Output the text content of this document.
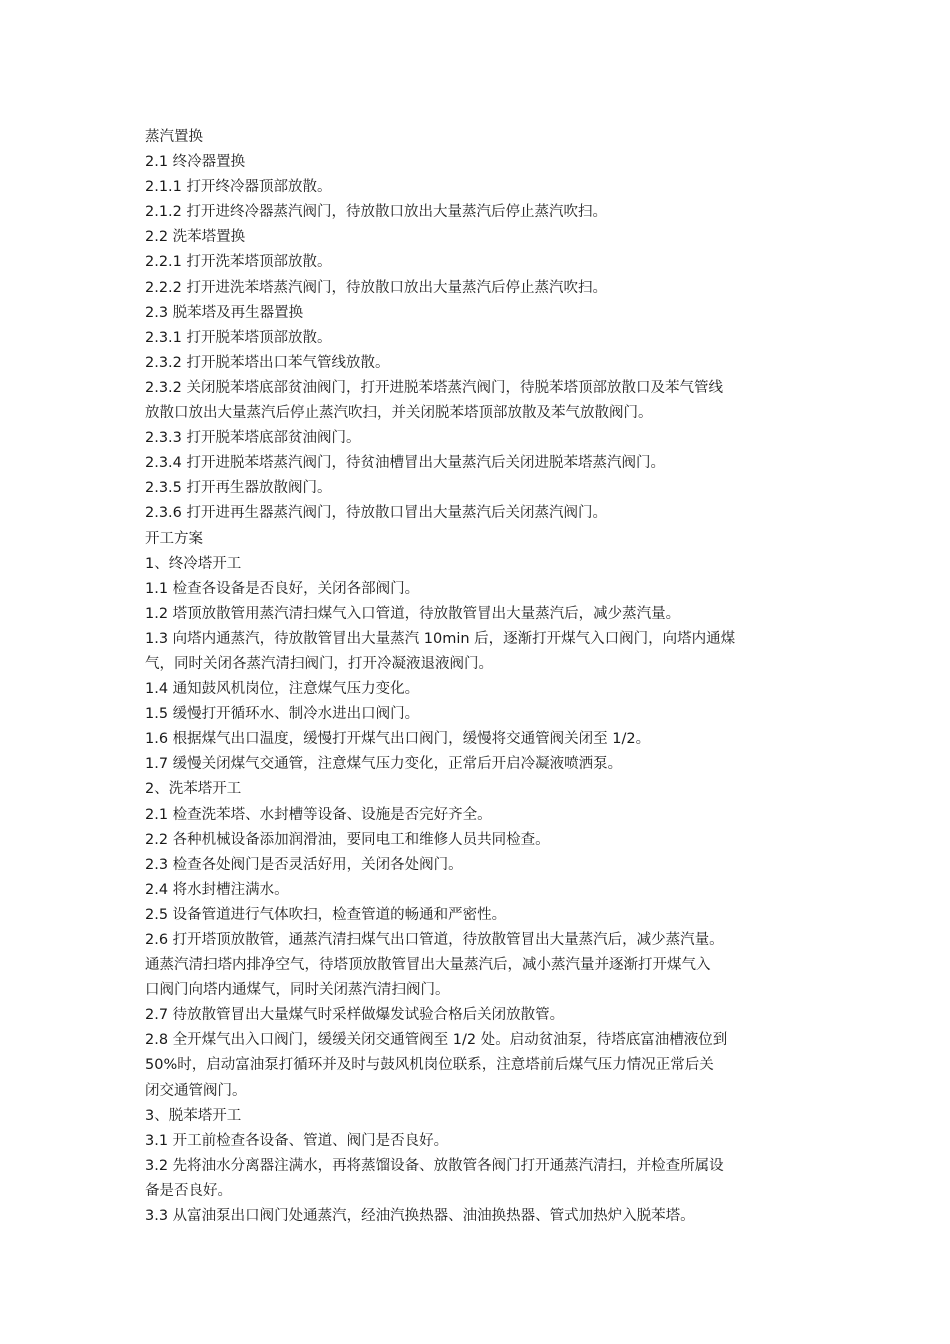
蒸汽置换
2.1 终冷器置换
2.1.1 打开终冷器顶部放散。
2.1.2 打开进终冷器蒸汽阀门，待放散口放出大量蒸汽后停止蒸汽吹扫。
2.2 洗苯塔置换
2.2.1 打开洗苯塔顶部放散。
2.2.2 打开进洗苯塔蒸汽阀门，待放散口放出大量蒸汽后停止蒸汽吹扫。
2.3 脱苯塔及再生器置换
2.3.1 打开脱苯塔顶部放散。
2.3.2 打开脱苯塔出口苯气管线放散。
2.3.2 关闭脱苯塔底部贫油阀门，打开进脱苯塔蒸汽阀门，待脱苯塔顶部放散口及苯气管线
放散口放出大量蒸汽后停止蒸汽吹扫，并关闭脱苯塔顶部放散及苯气放散阀门。
2.3.3 打开脱苯塔底部贫油阀门。
2.3.4 打开进脱苯塔蒸汽阀门，待贫油槽冒出大量蒸汽后关闭进脱苯塔蒸汽阀门。
2.3.5 打开再生器放散阀门。
2.3.6 打开进再生器蒸汽阀门，待放散口冒出大量蒸汽后关闭蒸汽阀门。
开工方案
1、终冷塔开工
1.1 检查各设备是否良好，关闭各部阀门。
1.2 塔顶放散管用蒸汽清扫煤气入口管道，待放散管冒出大量蒸汽后，减少蒸汽量。
1.3 向塔内通蒸汽，待放散管冒出大量蒸汽 10min 后，逐渐打开煤气入口阀门，向塔内通煤
气，同时关闭各蒸汽清扫阀门，打开冷凝液退液阀门。
1.4 通知鼓风机岗位，注意煤气压力变化。
1.5 缓慢打开循环水、制冷水进出口阀门。
1.6 根据煤气出口温度，缓慢打开煤气出口阀门，缓慢将交通管阀关闭至 1/2。
1.7 缓慢关闭煤气交通管，注意煤气压力变化，正常后开启冷凝液喷洒泵。
2、洗苯塔开工
2.1 检查洗苯塔、水封槽等设备、设施是否完好齐全。
2.2 各种机械设备添加润滑油，要同电工和维修人员共同检查。
2.3 检查各处阀门是否灵活好用，关闭各处阀门。
2.4 将水封槽注满水。
2.5 设备管道进行气体吹扫，检查管道的畅通和严密性。
2.6 打开塔顶放散管，通蒸汽清扫煤气出口管道，待放散管冒出大量蒸汽后，减少蒸汽量。
通蒸汽清扫塔内排净空气，待塔顶放散管冒出大量蒸汽后，减小蒸汽量并逐渐打开煤气入
口阀门向塔内通煤气，同时关闭蒸汽清扫阀门。
2.7 待放散管冒出大量煤气时采样做爆发试验合格后关闭放散管。
2.8 全开煤气出入口阀门，缓缓关闭交通管阀至 1/2 处。启动贫油泵，待塔底富油槽液位到
50%时，启动富油泵打循环并及时与鼓风机岗位联系，注意塔前后煤气压力情况正常后关
闭交通管阀门。
3、脱苯塔开工
3.1 开工前检查各设备、管道、阀门是否良好。
3.2 先将油水分离器注满水，再将蒸馏设备、放散管各阀门打开通蒸汽清扫，并检查所属设
备是否良好。
3.3 从富油泵出口阀门处通蒸汽，经油汽换热器、油油换热器、管式加热炉入脱苯塔。
